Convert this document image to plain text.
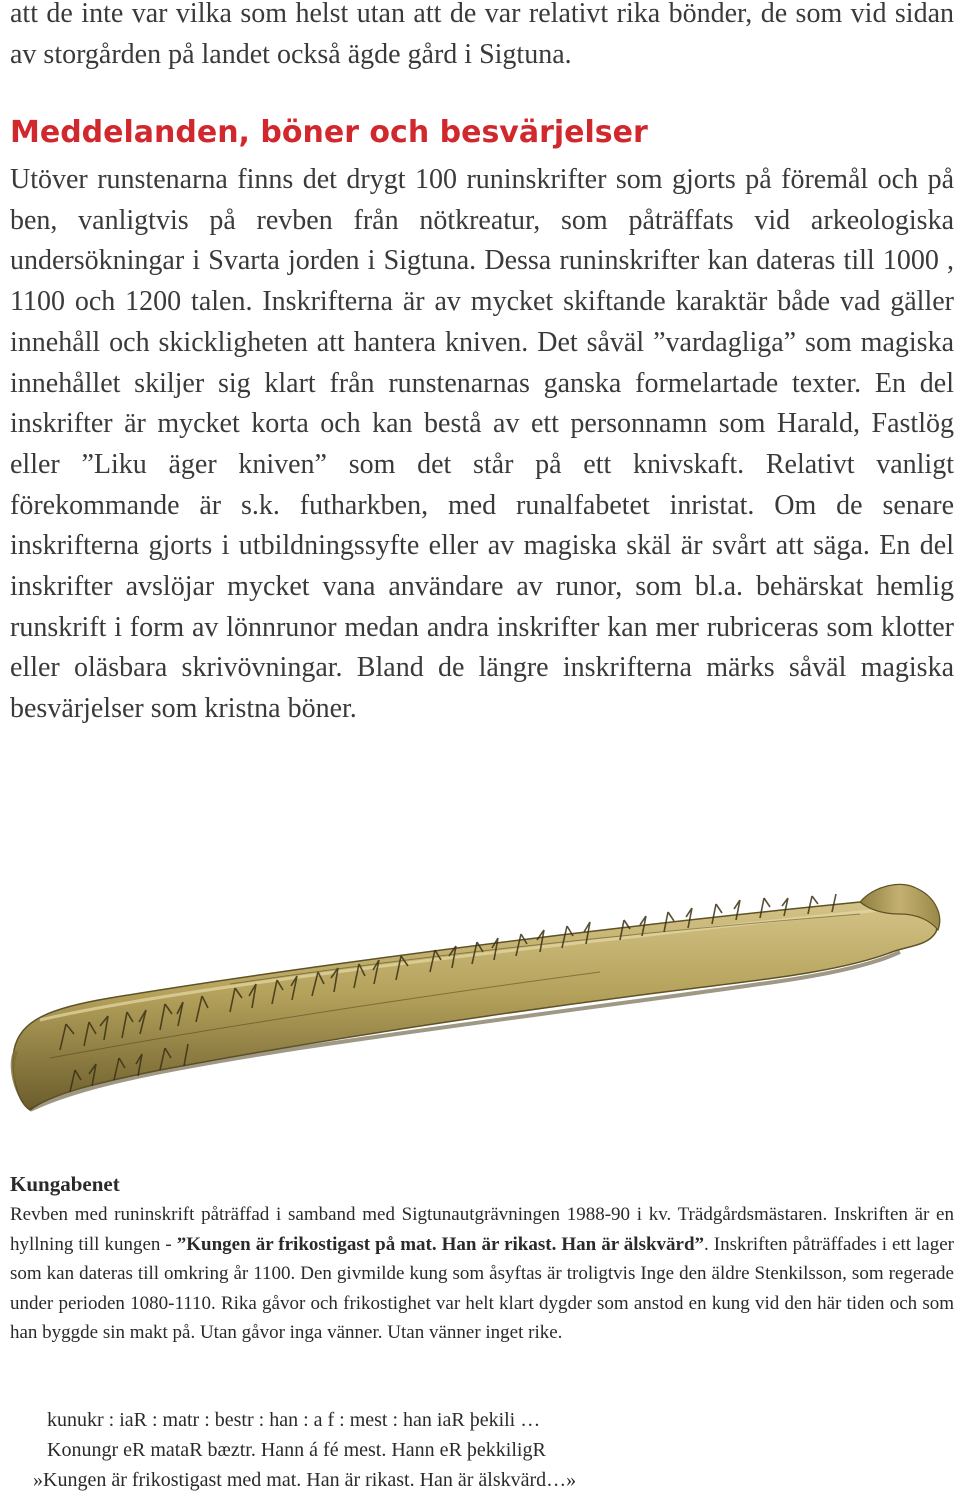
att de inte var vilka som helst utan att de var relativt rika bönder, de som vid sidan av storgården på landet också ägde gård i Sigtuna.

Meddelanden, böner och besvärjelser

Utöver runstenarna finns det drygt 100 runinskrifter som gjorts på föremål och på ben, vanligtvis på revben från nötkreatur, som påträffats vid arkeologiska undersökningar i Svarta jorden i Sigtuna. Dessa runinskrifter kan dateras till 1000 , 1100 och 1200 talen. Inskrifterna är av mycket skiftande karaktär både vad gäller innehåll och skickligheten att hantera kniven. Det såväl ”vardagliga” som magiska innehållet skiljer sig klart från runstenarnas ganska formelartade texter. En del inskrifter är mycket korta och kan bestå av ett personnamn som Harald, Fastlög eller ”Liku äger kniven” som det står på ett knivskaft. Relativt vanligt förekommande är s.k. futharkben, med runalfabetet inristat. Om de senare inskrifterna gjorts i utbildningssyfte eller av magiska skäl är svårt att säga. En del inskrifter avslöjar mycket vana användare av runor, som bl.a. behärskat hemlig runskrift i form av lönnrunor medan andra inskrifter kan mer rubriceras som klotter eller oläsbara skrivövningar. Bland de längre inskrifterna märks såväl magiska besvärjelser som kristna böner.

Kungabenet

Revben med runinskrift påträffad i samband med Sigtunautgrävningen 1988-90 i kv. Trädgårdsmästaren. Inskriften är en hyllning till kungen - ”Kungen är frikostigast på mat. Han är rikast. Han är älskvärd”. Inskriften påträffades i ett lager som kan dateras till omkring år 1100. Den givmilde kung som åsyftas är troligtvis Inge den äldre Stenkilsson, som regerade under perioden 1080-1110. Rika gåvor och frikostighet var helt klart dygder som anstod en kung vid den här tiden och som han byggde sin makt på. Utan gåvor inga vänner. Utan vänner inget rike.

kunukr : iaR : matr : bestr : han : a f : mest : han iaR þekili …

Konungr eR mataR bæztr. Hann á fé mest. Hann eR þekkiligR

»Kungen är frikostigast med mat. Han är rikast. Han är älskvärd…»
